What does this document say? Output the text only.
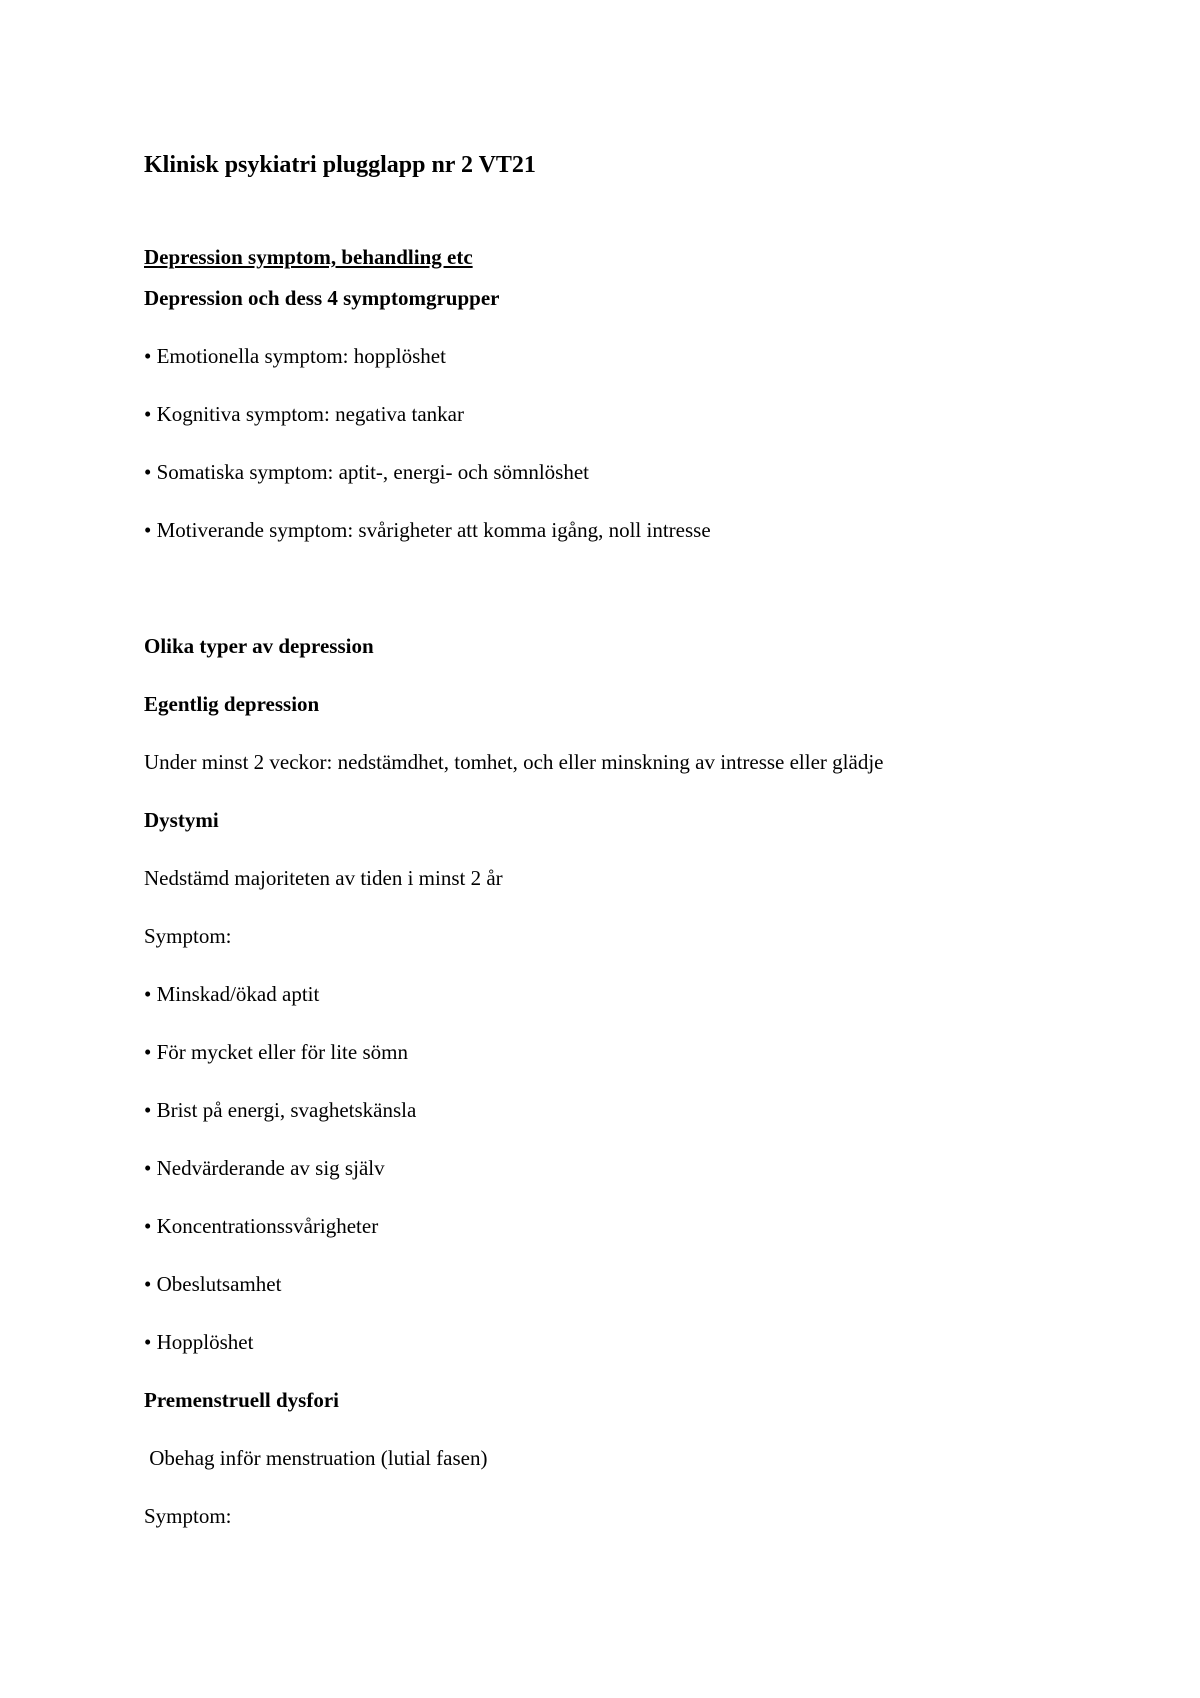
Klinisk psykiatri plugglapp nr 2 VT21
Depression symptom, behandling etc
Depression och dess 4 symptomgrupper
• Emotionella symptom: hopplöshet
• Kognitiva symptom: negativa tankar
• Somatiska symptom: aptit-, energi- och sömnlöshet
• Motiverande symptom: svårigheter att komma igång, noll intresse
Olika typer av depression
Egentlig depression
Under minst 2 veckor: nedstämdhet, tomhet, och eller minskning av intresse eller glädje
Dystymi
Nedstämd majoriteten av tiden i minst 2 år
Symptom:
• Minskad/ökad aptit
• För mycket eller för lite sömn
• Brist på energi, svaghetskänsla
• Nedvärderande av sig själv
• Koncentrationssvårigheter
• Obeslutsamhet
• Hopplöshet
Premenstruell dysfori
Obehag inför menstruation (lutial fasen)
Symptom:
